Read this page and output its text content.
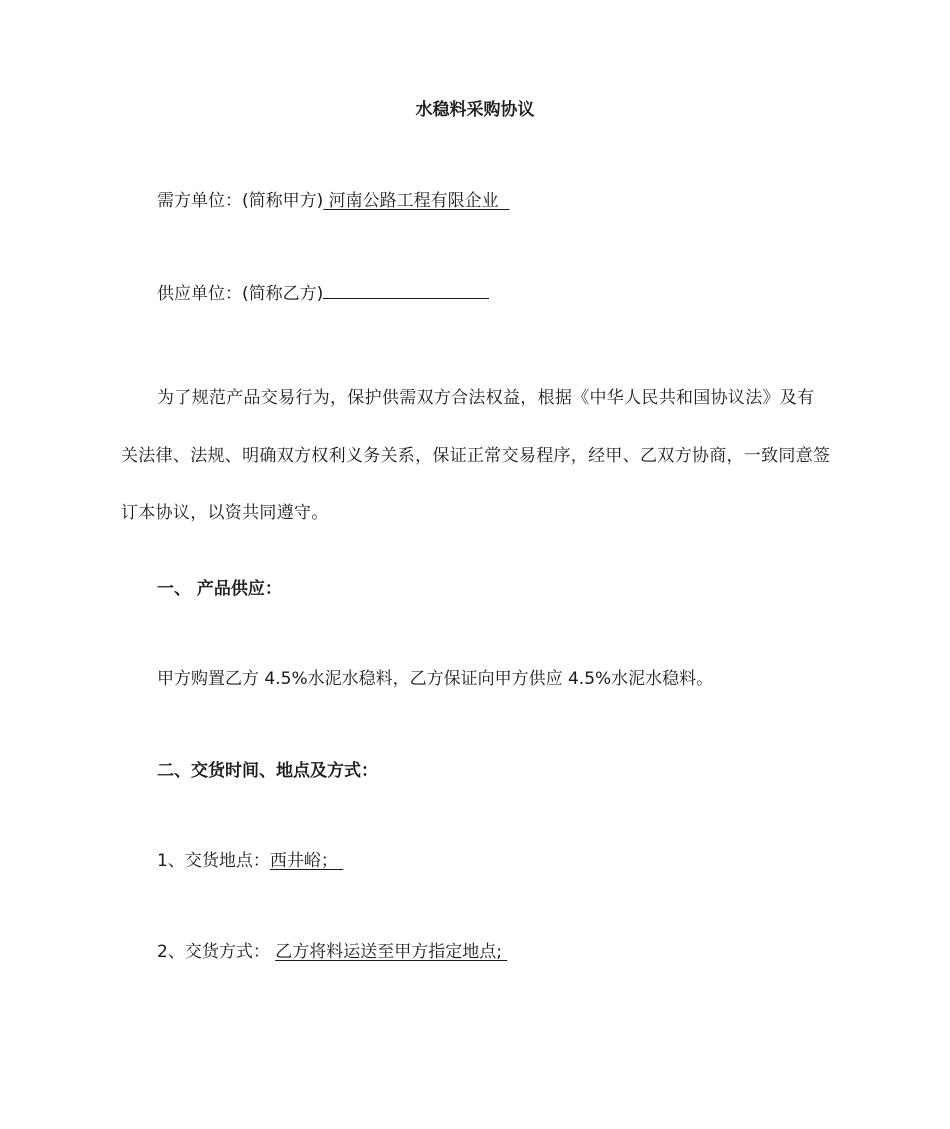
水稳料采购协议
需方单位：(简称甲方) 河南公路工程有限企业
供应单位：(简称乙方)
为了规范产品交易行为，保护供需双方合法权益，根据《中华人民共和国协议法》及有关法律、法规、明确双方权利义务关系，保证正常交易程序，经甲、乙双方协商，一致同意签订本协议，以资共同遵守。
一、 产品供应：
甲方购置乙方 4.5%水泥水稳料，乙方保证向甲方供应 4.5%水泥水稳料。
二、交货时间、地点及方式：
1、交货地点：西井峪；
2、交货方式： 乙方将料运送至甲方指定地点;
